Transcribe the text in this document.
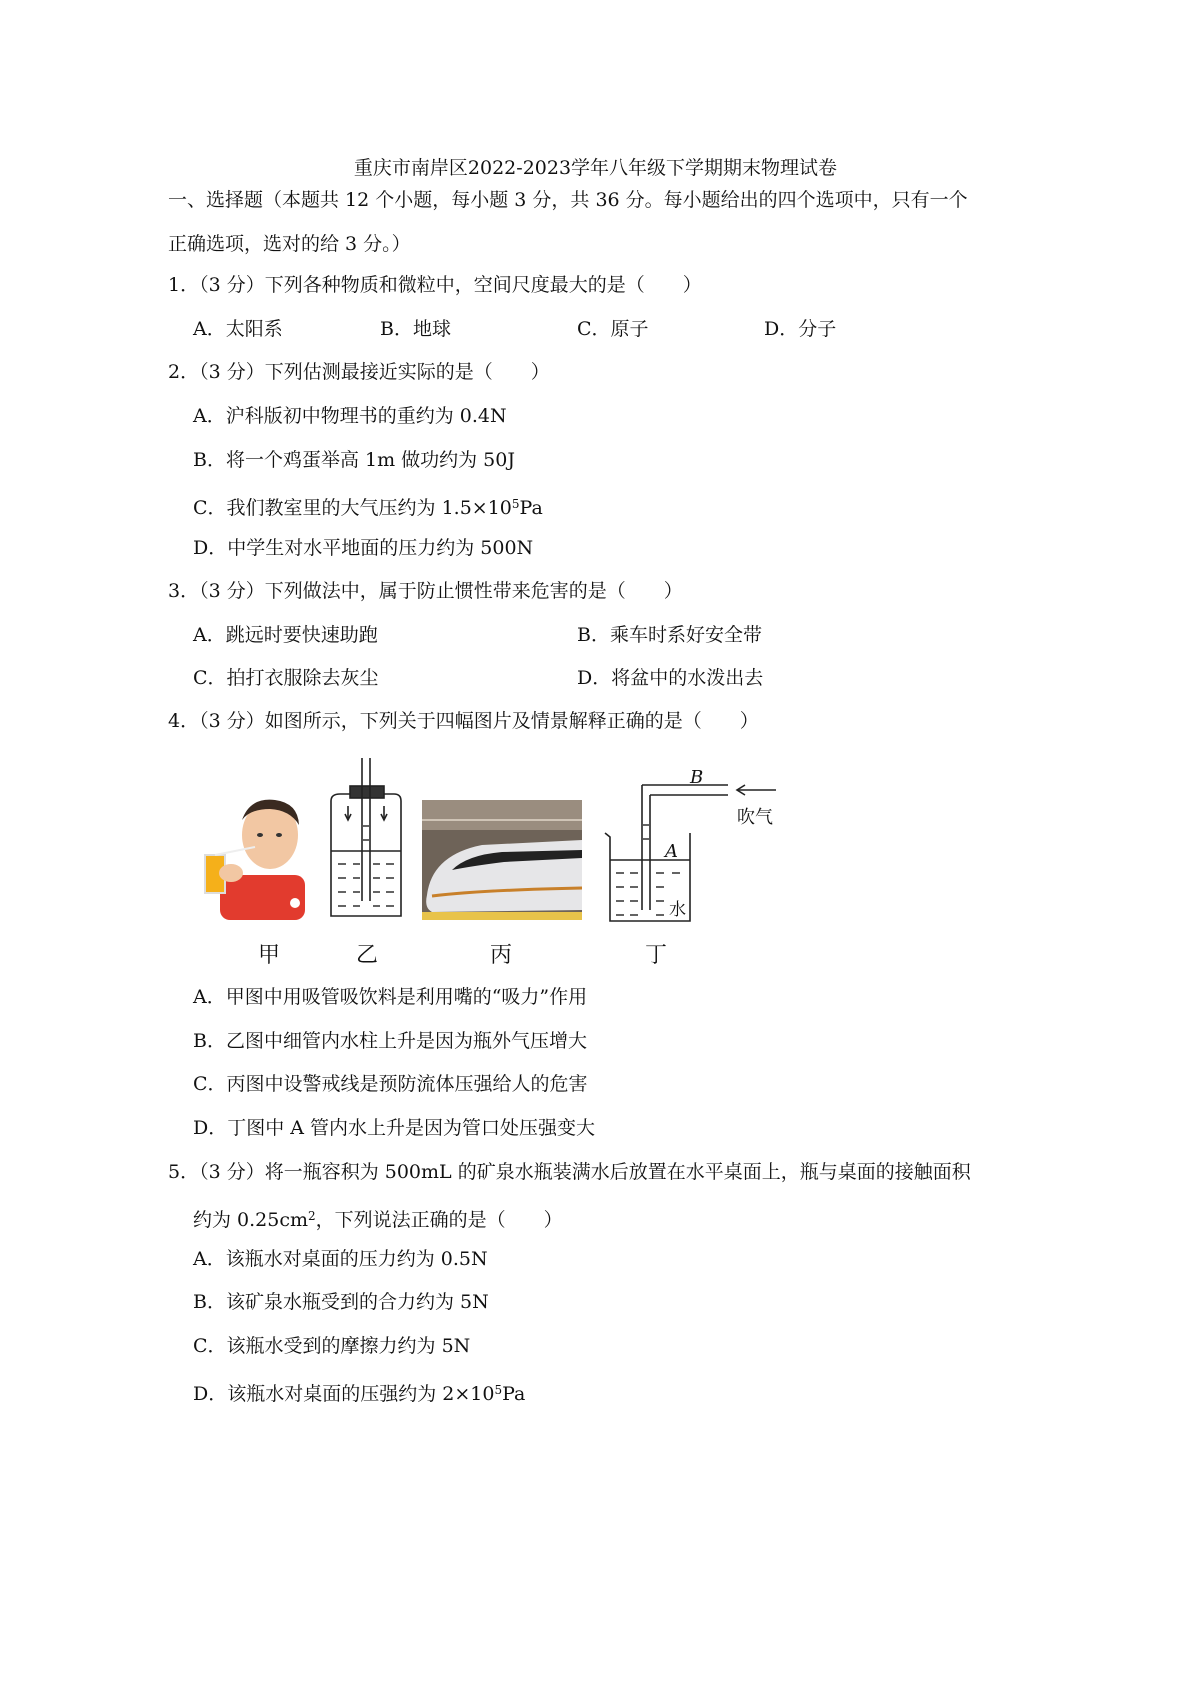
重庆市南岸区2022-2023学年八年级下学期期末物理试卷
一、选择题（本题共 12 个小题，每小题 3 分，共 36 分。每小题给出的四个选项中，只有一个
正确选项，选对的给 3 分。）
1．（3 分）下列各种物质和微粒中，空间尺度最大的是（　　）
A．太阳系	B．地球	C．原子	D．分子
2．（3 分）下列估测最接近实际的是（　　）
A．沪科版初中物理书的重约为 0.4N
B．将一个鸡蛋举高 1m 做功约为 50J
C．我们教室里的大气压约为 $1.5\times 10^5Pa$
D．中学生对水平地面的压力约为 500N
3．（3 分）下列做法中，属于防止惯性带来危害的是（　　）
A．跳远时要快速助跑	B．乘车时系好安全带
C．拍打衣服除去灰尘	D．将盆中的水泼出去
4．（3 分）如图所示，下列关于四幅图片及情景解释正确的是（　　）
B
吹气
A
水
甲	乙	丙	丁
A．甲图中用吸管吸饮料是利用嘴的“吸力”作用
B．乙图中细管内水柱上升是因为瓶外气压增大
C．丙图中设警戒线是预防流体压强给人的危害
D．丁图中 A 管内水上升是因为管口处压强变大
5．（3 分）将一瓶容积为 500mL 的矿泉水瓶装满水后放置在水平桌面上，瓶与桌面的接触面积
约为 $0.25cm^2$，下列说法正确的是（　　）
A．该瓶水对桌面的压力约为 0.5N
B．该矿泉水瓶受到的合力约为 5N
C．该瓶水受到的摩擦力约为 5N
D．该瓶水对桌面的压强约为 $2\times 10^5Pa$
